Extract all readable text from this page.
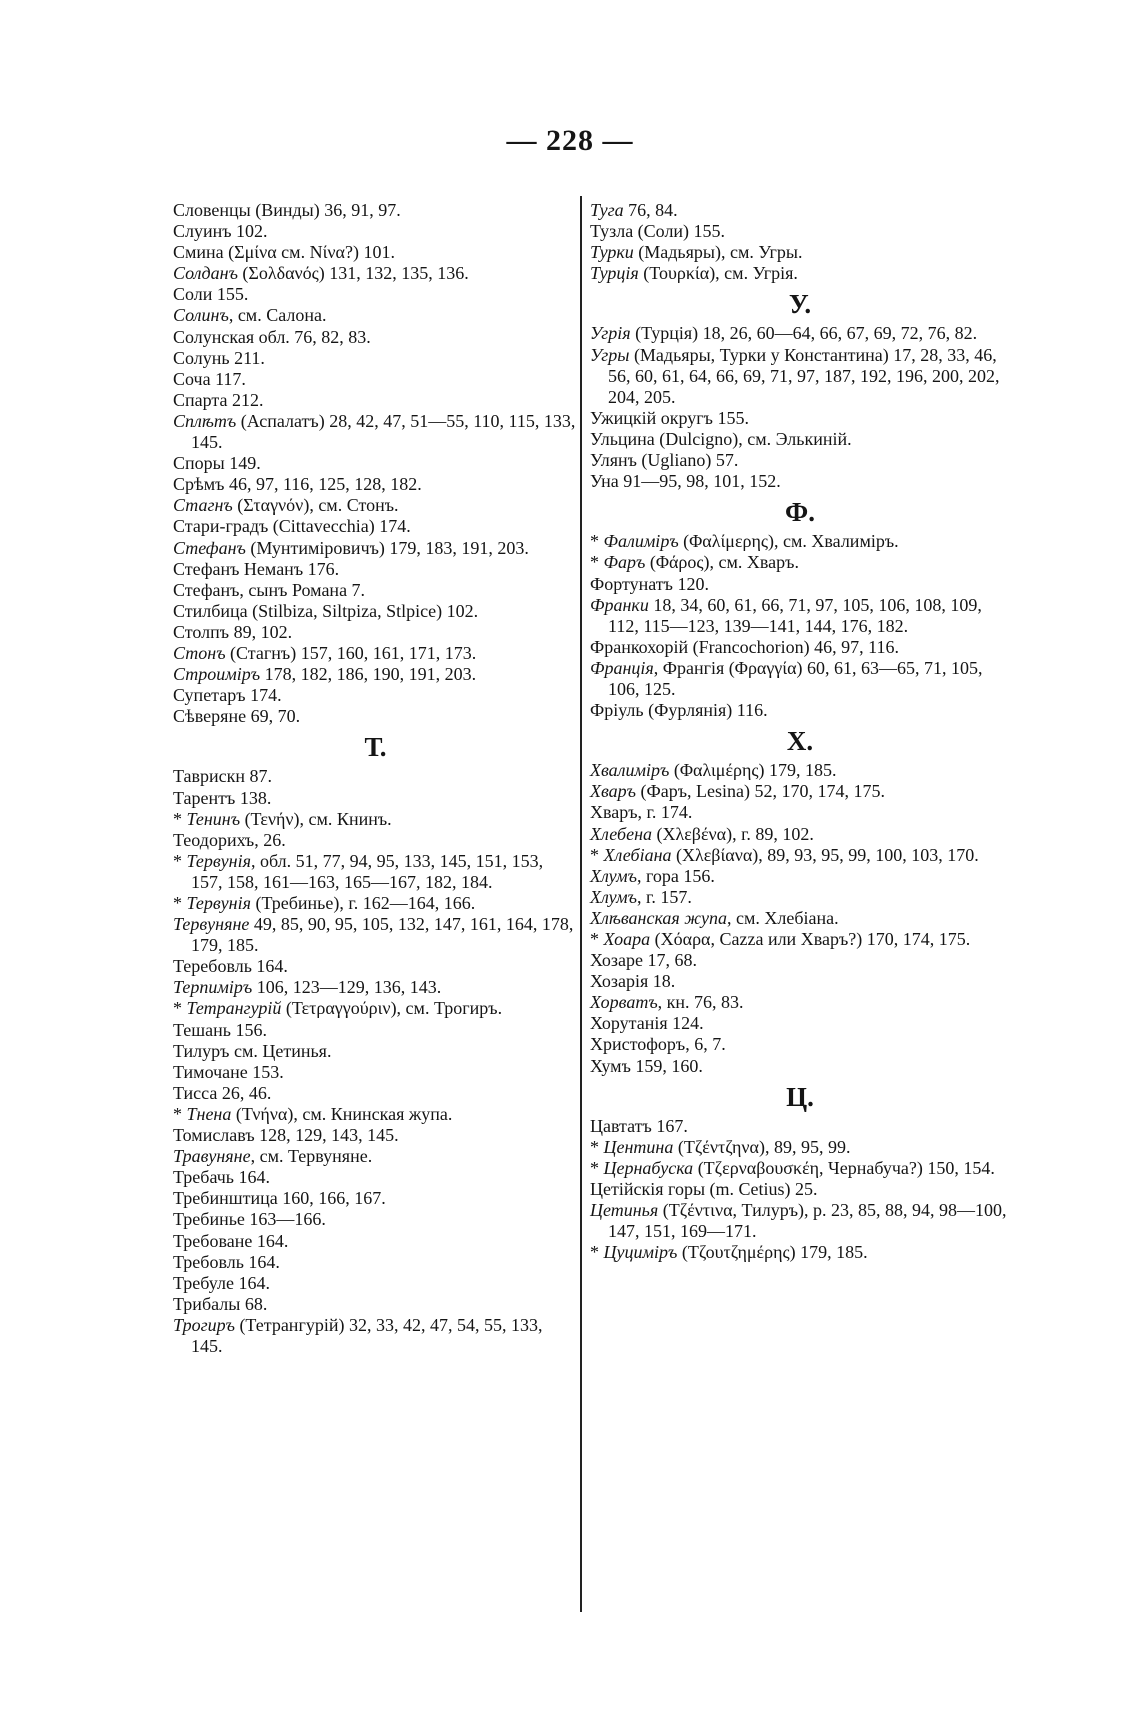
— 228 —

Словенцы (Винды) 36, 91, 97.

Слуинъ 102.

Смина (Σμίνα см. Νίνα?) 101.

Солданъ (Σολδανός) 131, 132, 135, 136.

Соли 155.

Солинъ, см. Салона.

Солунская обл. 76, 82, 83.

Солунь 211.

Соча 117.

Спарта 212.

Сплѣтъ (Аспалатъ) 28, 42, 47, 51—55, 110, 115, 133, 145.

Споры 149.

Срѣмъ 46, 97, 116, 125, 128, 182.

Стагнъ (Σταγνόν), см. Стонъ.

Стари-градъ (Cittavecchia) 174.

Стефанъ (Мунтиміровичъ) 179, 183, 191, 203.

Стефанъ Неманъ 176.

Стефанъ, сынъ Романа 7.

Стилбица (Stilbiza, Siltpiza, Stlpice) 102.

Столпъ 89, 102.

Стонъ (Стагнъ) 157, 160, 161, 171, 173.

Строиміръ 178, 182, 186, 190, 191, 203.

Супетаръ 174.

Сѣверяне 69, 70.

Т.

Таврискн 87.

Тарентъ 138.

* Тенинъ (Τενήν), см. Книнъ.

Теодорихъ, 26.

* Тервунія, обл. 51, 77, 94, 95, 133, 145, 151, 153, 157, 158, 161—163, 165—167, 182, 184.

* Тервунія (Требинье), г. 162—164, 166.

Тервуняне 49, 85, 90, 95, 105, 132, 147, 161, 164, 178, 179, 185.

Теребовль 164.

Терпиміръ 106, 123—129, 136, 143.

* Тетрангурій (Τετραγγούριν), см. Трогиръ.

Тешань 156.

Тилуръ см. Цетинья.

Тимочане 153.

Тисса 26, 46.

* Тнена (Τνήνα), см. Книнская жупа.

Томиславъ 128, 129, 143, 145.

Травуняне, см. Тервуняне.

Требачь 164.

Требинштица 160, 166, 167.

Требинье 163—166.

Требоване 164.

Требовль 164.

Требуле 164.

Трибалы 68.

Трогиръ (Тетрангурій) 32, 33, 42, 47, 54, 55, 133, 145.

Туга 76, 84.

Тузла (Соли) 155.

Турки (Мадьяры), см. Угры.

Турція (Τουρκία), см. Угрія.

У.

Угрія (Турція) 18, 26, 60—64, 66, 67, 69, 72, 76, 82.

Угры (Мадьяры, Турки у Константина) 17, 28, 33, 46, 56, 60, 61, 64, 66, 69, 71, 97, 187, 192, 196, 200, 202, 204, 205.

Ужицкій округъ 155.

Ульцина (Dulcigno), см. Элькиній.

Улянъ (Ugliano) 57.

Уна 91—95, 98, 101, 152.

Ф.

* Фалиміръ (Φαλίμερης), см. Хвалиміръ.

* Фаръ (Φάρος), см. Хваръ.

Фортунатъ 120.

Франки 18, 34, 60, 61, 66, 71, 97, 105, 106, 108, 109, 112, 115—123, 139—141, 144, 176, 182.

Франкохорій (Francochorion) 46, 97, 116.

Франція, Франгія (Φραγγία) 60, 61, 63—65, 71, 105, 106, 125.

Фріуль (Фурлянія) 116.

Х.

Хвалиміръ (Φαλιμέρης) 179, 185.

Хваръ (Фаръ, Lesina) 52, 170, 174, 175.

Хваръ, г. 174.

Хлебена (Χλεβένα), г. 89, 102.

* Хлебіана (Χλεβίανα), 89, 93, 95, 99, 100, 103, 170.

Хлумъ, гора 156.

Хлумъ, г. 157.

Хлѣванская жупа, см. Хлебіана.

* Хоара (Χόαρα, Cazza или Хваръ?) 170, 174, 175.

Хозаре 17, 68.

Хозарія 18.

Хорватъ, кн. 76, 83.

Хорутанія 124.

Христофоръ, 6, 7.

Хумъ 159, 160.

Ц.

Цавтатъ 167.

* Центина (Τζέντζηνα), 89, 95, 99.

* Цернабуска (Τζερναβουσκέη, Чернабуча?) 150, 154.

Цетійскія горы (m. Cetius) 25.

Цетинья (Τζέντινα, Тилуръ), р. 23, 85, 88, 94, 98—100, 147, 151, 169—171.

* Цуциміръ (Τζουτζημέρης) 179, 185.
